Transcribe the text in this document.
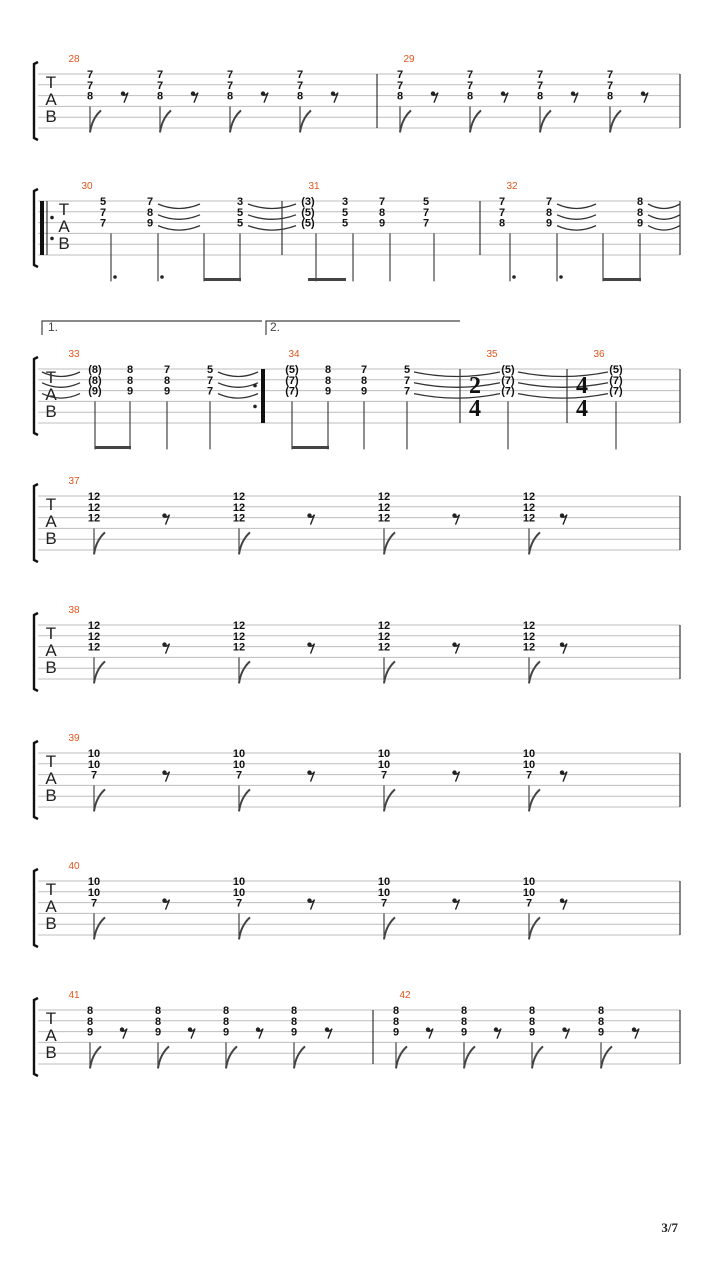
T
A
B
28
7
7
8
7
7
8
7
7
8
7
7
8
29
7
7
8
7
7
8
7
7
8
7
7
8
T
A
B
30
5
7
7
7
8
9
3
5
5
31
(3)
(5)
(5)
3
5
5
7
8
9
5
7
7
32
7
7
8
7
8
9
8
8
9
T
A
B
33
(8)
(8)
(9)
8
8
9
7
8
9
5
7
7
34
(5)
(7)
(7)
8
8
9
7
8
9
5
7
7
35
(5)
(7)
(7)
36
(5)
(7)
(7)
1.	2.
2
4
4
4
T
A
B
37
12
12
12
12
12
12
12
12
12
12
12
12
T
A
B
38
12
12
12
12
12
12
12
12
12
12
12
12
T
A
B
39
10
10
7
10
10
7
10
10
7
10
10
7
T
A
B
40
10
10
7
10
10
7
10
10
7
10
10
7
T
A
B
41
8
8
9
8
8
9
8
8
9
8
8
9
42
8
8
9
8
8
9
8
8
9
8
8
9
3/7
